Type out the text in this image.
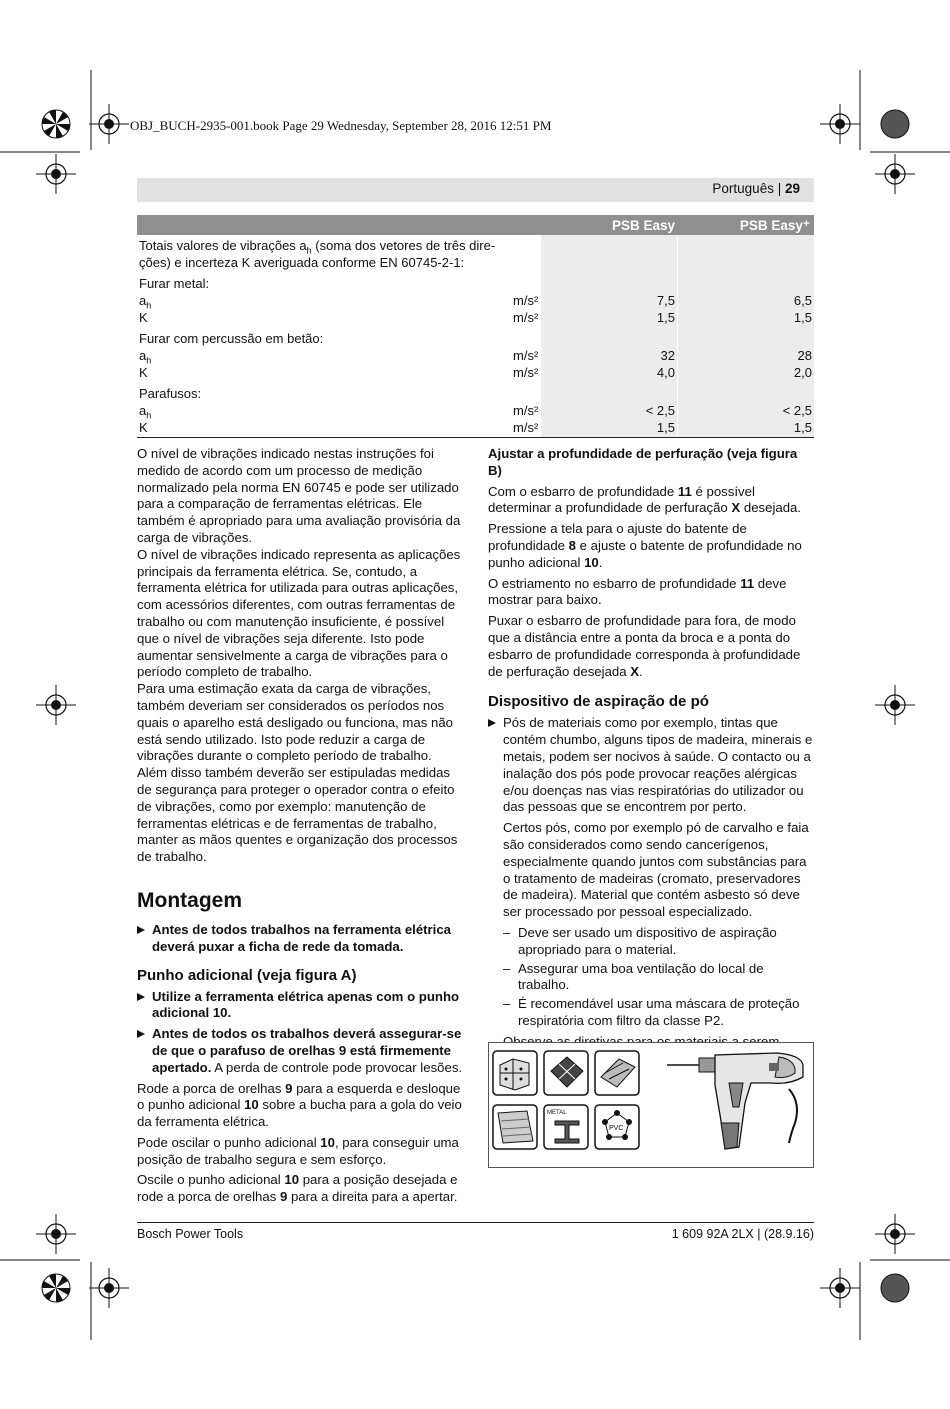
OBJ_BUCH-2935-001.book Page 29 Wednesday, September 28, 2016 12:51 PM
Português | 29
PSB Easy	PSB Easy⁺
Totais valores de vibrações $a_h$ (soma dos vetores de três dire-
ções) e incerteza K averiguada conforme EN 60745-2-1:
Furar metal:
$a_h$	m/s²	7,5	6,5
K	m/s²	1,5	1,5
Furar com percussão em betão:
$a_h$	m/s²	32	28
K	m/s²	4,0	2,0
Parafusos:
$a_h$	m/s²	< 2,5	< 2,5
K	m/s²	1,5	1,5

O nível de vibrações indicado nestas instruções foi medido de acordo com um processo de medição normalizado pela norma EN 60745 e pode ser utilizado para a comparação de ferramentas elétricas. Ele também é apropriado para uma avaliação provisória da carga de vibrações.

O nível de vibrações indicado representa as aplicações principais da ferramenta elétrica. Se, contudo, a ferramenta elétrica for utilizada para outras aplicações, com acessórios diferentes, com outras ferramentas de trabalho ou com manutenção insuficiente, é possível que o nível de vibrações seja diferente. Isto pode aumentar sensivelmente a carga de vibrações para o período completo de trabalho.

Para uma estimação exata da carga de vibrações, também deveriam ser considerados os períodos nos quais o aparelho está desligado ou funciona, mas não está sendo utilizado. Isto pode reduzir a carga de vibrações durante o completo período de trabalho.

Além disso também deverão ser estipuladas medidas de segurança para proteger o operador contra o efeito de vibrações, como por exemplo: manutenção de ferramentas elétricas e de ferramentas de trabalho, manter as mãos quentes e organização dos processos de trabalho.

Montagem
Antes de todos trabalhos na ferramenta elétrica deverá puxar a ficha de rede da tomada.
Punho adicional (veja figura A)
Utilize a ferramenta elétrica apenas com o punho adicional 10.
Antes de todos os trabalhos deverá assegurar-se de que o parafuso de orelhas 9 está firmemente apertado. A perda de controle pode provocar lesões.

Rode a porca de orelhas 9 para a esquerda e desloque o punho adicional 10 sobre a bucha para a gola do veio da ferramenta elétrica.

Pode oscilar o punho adicional 10, para conseguir uma posição de trabalho segura e sem esforço.

Oscile o punho adicional 10 para a posição desejada e rode a porca de orelhas 9 para a direita para a apertar.

Ajustar a profundidade de perfuração (veja figura B)

Com o esbarro de profundidade 11 é possível determinar a profundidade de perfuração X desejada.

Pressione a tela para o ajuste do batente de profundidade 8 e ajuste o batente de profundidade no punho adicional 10.

O estriamento no esbarro de profundidade 11 deve mostrar para baixo.

Puxar o esbarro de profundidade para fora, de modo que a distância entre a ponta da broca e a ponta do esbarro de profundidade corresponda à profundidade de perfuração desejada X.

Dispositivo de aspiração de pó
Pós de materiais como por exemplo, tintas que contém chumbo, alguns tipos de madeira, minerais e metais, podem ser nocivos à saúde. O contacto ou a inalação dos pós pode provocar reações alérgicas e/ou doenças nas vias respiratórias do utilizador ou das pessoas que se encontrem por perto.

Certos pós, como por exemplo pó de carvalho e faia são considerados como sendo cancerígenos, especialmente quando juntos com substâncias para o tratamento de madeiras (cromato, preservadores de madeira). Material que contém asbesto só deve ser processado por pessoal especializado.

– Deve ser usado um dispositivo de aspiração apropriado para o material.
– Assegurar uma boa ventilação do local de trabalho.
– É recomendável usar uma máscara de proteção respiratória com filtro da classe P2.

METAL
PVC
Bosch Power Tools	1 609 92A 2LX | (28.9.16)
